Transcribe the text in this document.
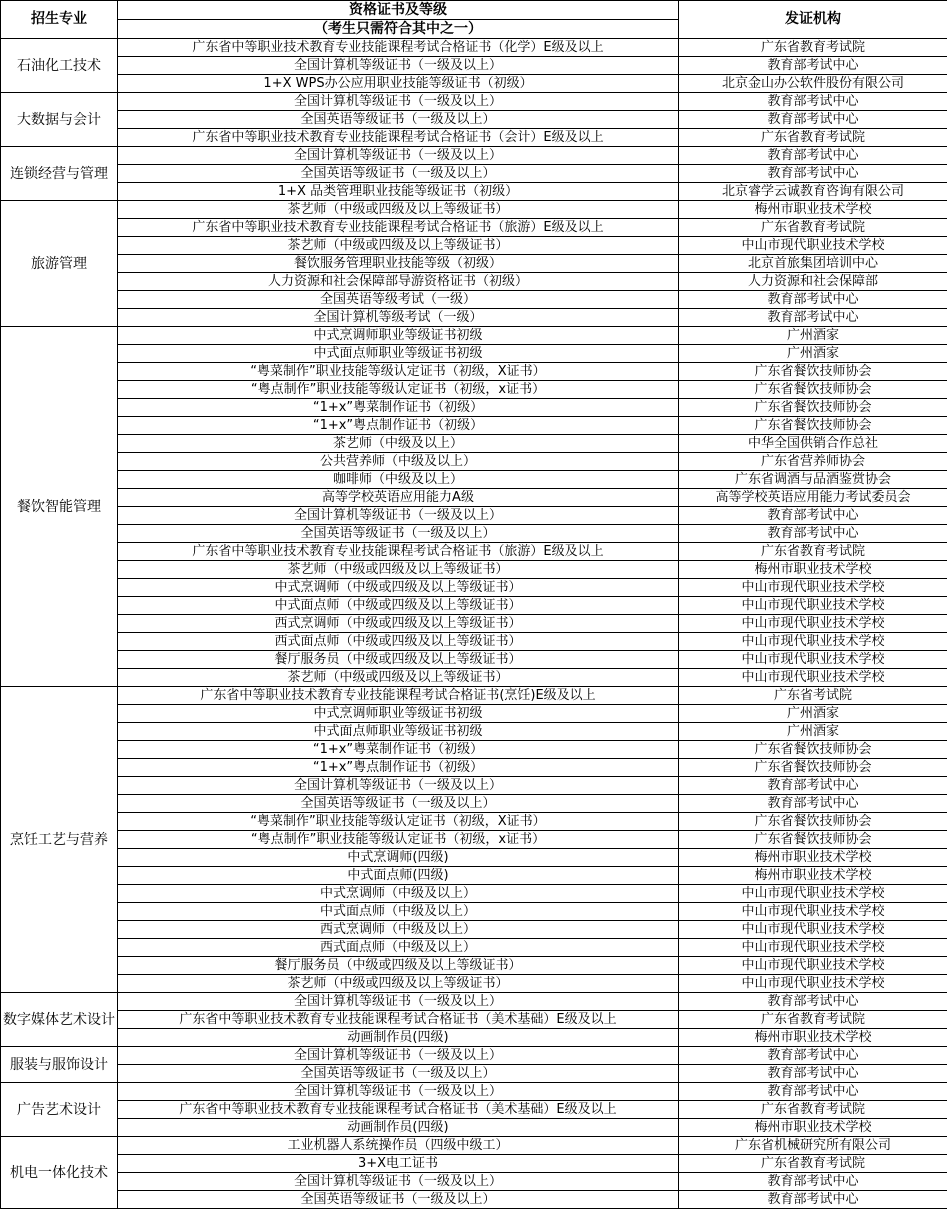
招生专业	资格证书及等级	发证机构
	（考生只需符合其中之一）	
石油化工技术	广东省中等职业技术教育专业技能课程考试合格证书（化学）E级及以上	广东省教育考试院
	全国计算机等级证书（一级及以上）	教育部考试中心
	1+X WPS办公应用职业技能等级证书（初级）	北京金山办公软件股份有限公司
大数据与会计	全国计算机等级证书（一级及以上）	教育部考试中心
	全国英语等级证书（一级及以上）	教育部考试中心
	广东省中等职业技术教育专业技能课程考试合格证书（会计）E级及以上	广东省教育考试院
连锁经营与管理	全国计算机等级证书（一级及以上）	教育部考试中心
	全国英语等级证书（一级及以上）	教育部考试中心
	1+X 品类管理职业技能等级证书（初级）	北京睿学云诚教育咨询有限公司
旅游管理	茶艺师（中级或四级及以上等级证书）	梅州市职业技术学校
	广东省中等职业技术教育专业技能课程考试合格证书（旅游）E级及以上	广东省教育考试院
	茶艺师（中级或四级及以上等级证书）	中山市现代职业技术学校
	餐饮服务管理职业技能等级（初级）	北京首旅集团培训中心
	人力资源和社会保障部导游资格证书（初级）	人力资源和社会保障部
	全国英语等级考试（一级）	教育部考试中心
	全国计算机等级考试（一级）	教育部考试中心
餐饮智能管理	中式烹调师职业等级证书初级	广州酒家
	中式面点师职业等级证书初级	广州酒家
	“粤菜制作”职业技能等级认定证书（初级，X证书）	广东省餐饮技师协会
	“粤点制作”职业技能等级认定证书（初级，x证书）	广东省餐饮技师协会
	“1+x”粤菜制作证书（初级）	广东省餐饮技师协会
	“1+x”粤点制作证书（初级）	广东省餐饮技师协会
	茶艺师（中级及以上）	中华全国供销合作总社
	公共营养师（中级及以上）	广东省营养师协会
	咖啡师（中级及以上）	广东省调酒与品酒鉴赏协会
	高等学校英语应用能力A级	高等学校英语应用能力考试委员会
	全国计算机等级证书（一级及以上）	教育部考试中心
	全国英语等级证书（一级及以上）	教育部考试中心
	广东省中等职业技术教育专业技能课程考试合格证书（旅游）E级及以上	广东省教育考试院
	茶艺师（中级或四级及以上等级证书）	梅州市职业技术学校
	中式烹调师（中级或四级及以上等级证书）	中山市现代职业技术学校
	中式面点师（中级或四级及以上等级证书）	中山市现代职业技术学校
	西式烹调师（中级或四级及以上等级证书）	中山市现代职业技术学校
	西式面点师（中级或四级及以上等级证书）	中山市现代职业技术学校
	餐厅服务员（中级或四级及以上等级证书）	中山市现代职业技术学校
	茶艺师（中级或四级及以上等级证书）	中山市现代职业技术学校
烹饪工艺与营养	广东省中等职业技术教育专业技能课程考试合格证书(烹饪)E级及以上	广东省考试院
	中式烹调师职业等级证书初级	广州酒家
	中式面点师职业等级证书初级	广州酒家
	“1+x”粤菜制作证书（初级）	广东省餐饮技师协会
	“1+x”粤点制作证书（初级）	广东省餐饮技师协会
	全国计算机等级证书（一级及以上）	教育部考试中心
	全国英语等级证书（一级及以上）	教育部考试中心
	“粤菜制作”职业技能等级认定证书（初级，X证书）	广东省餐饮技师协会
	“粤点制作”职业技能等级认定证书（初级，x证书）	广东省餐饮技师协会
	中式烹调师(四级)	梅州市职业技术学校
	中式面点师(四级)	梅州市职业技术学校
	中式烹调师（中级及以上）	中山市现代职业技术学校
	中式面点师（中级及以上）	中山市现代职业技术学校
	西式烹调师（中级及以上）	中山市现代职业技术学校
	西式面点师（中级及以上）	中山市现代职业技术学校
	餐厅服务员（中级或四级及以上等级证书）	中山市现代职业技术学校
	茶艺师（中级或四级及以上等级证书）	中山市现代职业技术学校
数字媒体艺术设计	全国计算机等级证书（一级及以上）	教育部考试中心
	广东省中等职业技术教育专业技能课程考试合格证书（美术基础）E级及以上	广东省教育考试院
	动画制作员(四级)	梅州市职业技术学校
服装与服饰设计	全国计算机等级证书（一级及以上）	教育部考试中心
	全国英语等级证书（一级及以上）	教育部考试中心
广告艺术设计	全国计算机等级证书（一级及以上）	教育部考试中心
	广东省中等职业技术教育专业技能课程考试合格证书（美术基础）E级及以上	广东省教育考试院
	动画制作员(四级)	梅州市职业技术学校
机电一体化技术	工业机器人系统操作员（四级中级工）	广东省机械研究所有限公司
	3+X电工证书	广东省教育考试院
	全国计算机等级证书（一级及以上）	教育部考试中心
	全国英语等级证书（一级及以上）	教育部考试中心
